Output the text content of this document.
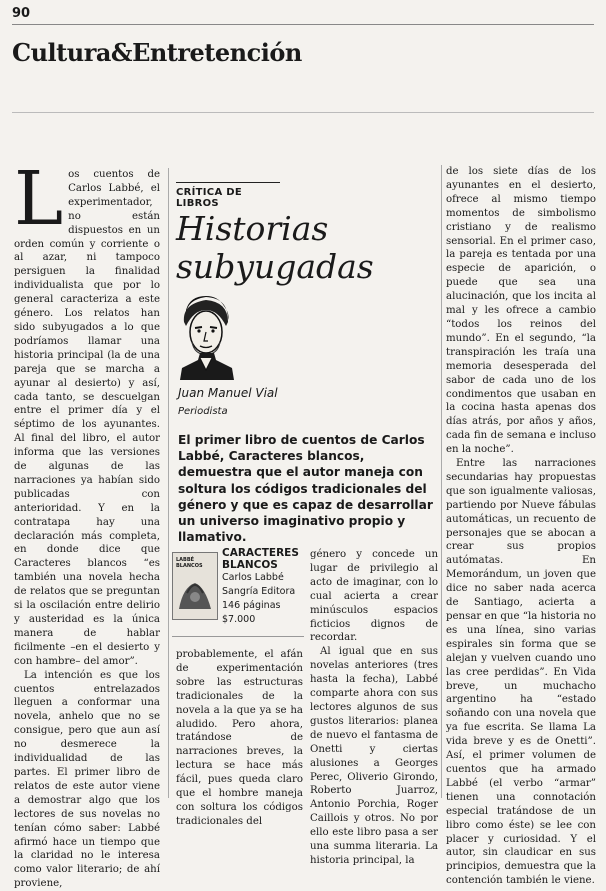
90
Cultura&Entretención

Los cuentos de Carlos Labbé, el experimentador, no están dispuestos en un orden común y corriente o al azar, ni tampoco persiguen la finalidad individualista que por lo general caracteriza a este género. Los relatos han sido subyugados a lo que podríamos llamar una historia principal (la de una pareja que se marcha a ayunar al desierto) y así, cada tanto, se descuelgan entre el primer día y el séptimo de los ayunantes. Al final del libro, el autor informa que las versiones de algunas de las narraciones ya habían sido publicadas con anterioridad. Y en la contratapa hay una declaración más completa, en donde dice que Caracteres blancos “es también una novela hecha de relatos que se preguntan si la oscilación entre delirio y austeridad es la única manera de hablar ficilmente –en el desierto y con hambre– del amor”.

La intención es que los cuentos entrelazados lleguen a conformar una novela, anhelo que no se consigue, pero que aun así no desmerece la individualidad de las partes. El primer libro de relatos de este autor viene a demostrar algo que los lectores de sus novelas no tenían cómo saber: Labbé afirmó hace un tiempo que la claridad no le interesa como valor literario; de ahí proviene,

CRÍTICA DE LIBROS
Historias subyugadas
Juan Manuel Vial
Periodista
El primer libro de cuentos de Carlos Labbé, Caracteres blancos, demuestra que el autor maneja con soltura los códigos tradicionales del género y que es capaz de desarrollar un universo imaginativo propio y llamativo.
LABBÉ BLANCOS
CARACTERES BLANCOS
Carlos Labbé
Sangría Editora
146 páginas
$7.000

probablemente, el afán de experimentación sobre las estructuras tradicionales de la novela a la que ya se ha aludido. Pero ahora, tratándose de narraciones breves, la lectura se hace más fácil, pues queda claro que el hombre maneja con soltura los códigos tradicionales del

género y concede un lugar de privilegio al acto de imaginar, con lo cual acierta a crear minúsculos espacios ficticios dignos de recordar.

Al igual que en sus novelas anteriores (tres hasta la fecha), Labbé comparte ahora con sus lectores algunos de sus gustos literarios: planea de nuevo el fantasma de Onetti y ciertas alusiones a Georges Perec, Oliverio Girondo, Roberto Juarroz, Antonio Porchia, Roger Caillois y otros. No por ello este libro pasa a ser una summa literaria. La historia principal, la

de los siete días de los ayunantes en el desierto, ofrece al mismo tiempo momentos de simbolismo cristiano y de realismo sensorial. En el primer caso, la pareja es tentada por una especie de aparición, o puede que sea una alucinación, que los incita al mal y les ofrece a cambio “todos los reinos del mundo”. En el segundo, “la transpiración les traía una memoria desesperada del sabor de cada uno de los condimentos que usaban en la cocina hasta apenas dos días atrás, por años y años, cada fin de semana e incluso en la noche”.

Entre las narraciones secundarias hay propuestas que son igualmente valiosas, partiendo por Nueve fábulas automáticas, un recuento de personajes que se abocan a crear sus propios autómatas. En Memorándum, un joven que dice no saber nada acerca de Santiago, acierta a pensar en que “la historia no es una línea, sino varias espirales sin forma que se alejan y vuelven cuando uno las cree perdidas”. En Vida breve, un muchacho argentino ha “estado soñando con una novela que ya fue escrita. Se llama La vida breve y es de Onetti”. Así, el primer volumen de cuentos que ha armado Labbé (el verbo “armar” tienen una connotación especial tratándose de un libro como éste) se lee con placer y curiosidad. Y el autor, sin claudicar en sus principios, demuestra que la contención también le viene.
